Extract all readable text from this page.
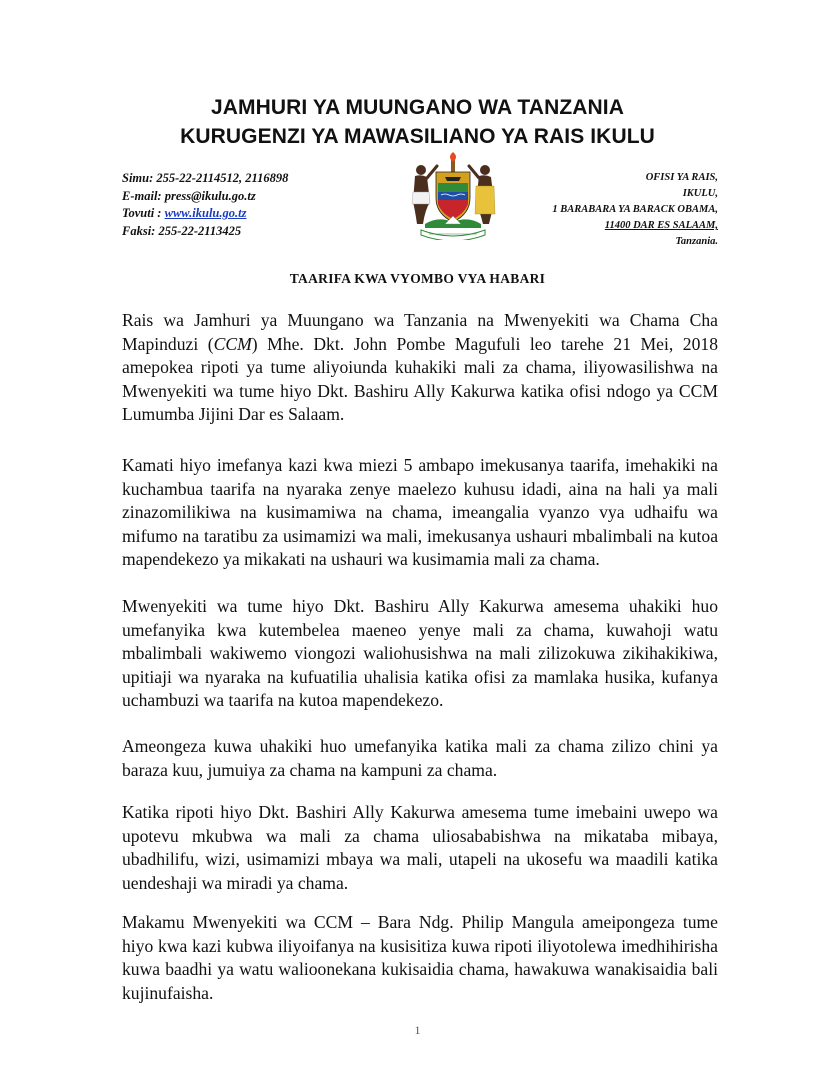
JAMHURI YA MUUNGANO WA TANZANIA
KURUGENZI YA MAWASILIANO YA RAIS IKULU
Simu: 255-22-2114512, 2116898
E-mail: press@ikulu.go.tz
Tovuti : www.ikulu.go.tz
Faksi: 255-22-2113425
OFISI YA RAIS,
IKULU,
1 BARABARA YA BARACK OBAMA,
11400 DAR ES SALAAM,
Tanzania.
TAARIFA KWA VYOMBO VYA HABARI
Rais wa Jamhuri ya Muungano wa Tanzania na Mwenyekiti wa Chama Cha Mapinduzi (CCM) Mhe. Dkt. John Pombe Magufuli leo tarehe 21 Mei, 2018 amepokea ripoti ya tume aliyoiunda kuhakiki mali za chama, iliyowasilishwa na Mwenyekiti wa tume hiyo Dkt. Bashiru Ally Kakurwa katika ofisi ndogo ya CCM Lumumba Jijini Dar es Salaam.
Kamati hiyo imefanya kazi kwa miezi 5 ambapo imekusanya taarifa, imehakiki na kuchambua taarifa na nyaraka zenye maelezo kuhusu idadi, aina na hali ya mali zinazomilikiwa na kusimamiwa na chama, imeangalia vyanzo vya udhaifu wa mifumo na taratibu za usimamizi wa mali, imekusanya ushauri mbalimbali na kutoa mapendekezo ya mikakati na ushauri wa kusimamia mali za chama.
Mwenyekiti wa tume hiyo Dkt. Bashiru Ally Kakurwa amesema uhakiki huo umefanyika kwa kutembelea maeneo yenye mali za chama, kuwahoji watu mbalimbali wakiwemo viongozi waliohusishwa na mali zilizokuwa zikihakikiwa, upitiaji wa nyaraka na kufuatilia uhalisia katika ofisi za mamlaka husika, kufanya uchambuzi wa taarifa na kutoa mapendekezo.
Ameongeza kuwa uhakiki huo umefanyika katika mali za chama zilizo chini ya baraza kuu, jumuiya za chama na kampuni za chama.
Katika ripoti hiyo Dkt. Bashiri Ally Kakurwa amesema tume imebaini uwepo wa upotevu mkubwa wa mali za chama uliosababishwa na mikataba mibaya, ubadhilifu, wizi, usimamizi mbaya wa mali, utapeli na ukosefu wa maadili katika uendeshaji wa miradi ya chama.
Makamu Mwenyekiti wa CCM – Bara Ndg. Philip Mangula ameipongeza tume hiyo kwa kazi kubwa iliyoifanya na kusisitiza kuwa ripoti iliyotolewa imedhihirisha kuwa baadhi ya watu walioonekana kukisaidia chama, hawakuwa wanakisaidia bali kujinufaisha.
1
